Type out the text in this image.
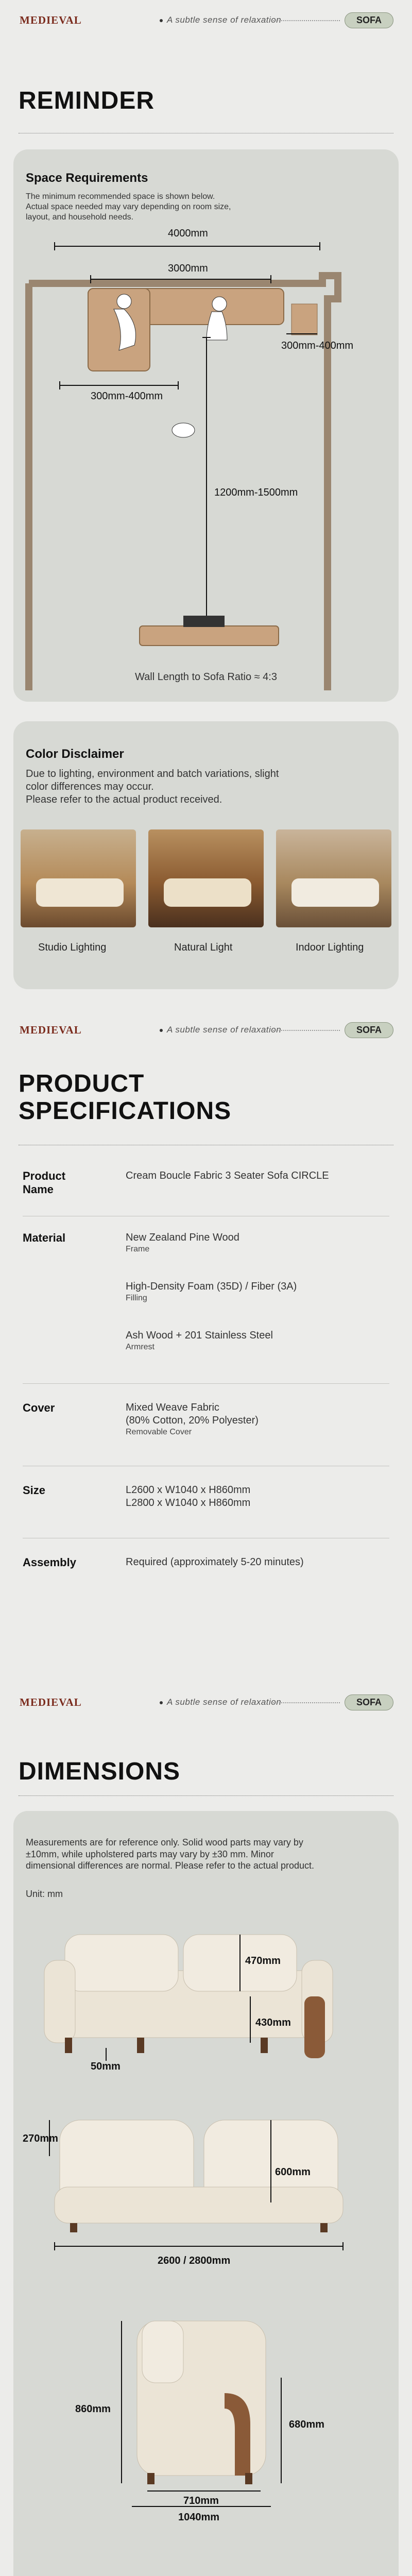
MEDIEVAL	A subtle sense of relaxation	SOFA
REMINDER
Space Requirements
The minimum recommended space is shown below.
Actual space needed may vary depending on room size, layout, and household needs.
4000mm
3000mm
300mm-400mm
300mm-400mm
1200mm-1500mm
Wall Length to Sofa Ratio ≈ 4:3
Color Disclaimer
Due to lighting, environment and batch variations, slight color differences may occur.
Please refer to the actual product received.
Studio Lighting	Natural Light	Indoor Lighting
MEDIEVAL	A subtle sense of relaxation	SOFA
PRODUCT
SPECIFICATIONS
Product Name
Cream Boucle Fabric 3 Seater Sofa CIRCLE
Material	New Zealand Pine Wood
Frame
High-Density Foam (35D) / Fiber (3A)
Filling
Ash Wood + 201 Stainless Steel
Armrest
Cover	Mixed Weave Fabric
(80% Cotton, 20% Polyester)
Removable Cover
Size	L2600 x W1040 x H860mm
L2800 x W1040 x H860mm
Assembly	Required (approximately 5-20 minutes)
MEDIEVAL	A subtle sense of relaxation	SOFA
DIMENSIONS
Measurements are for reference only. Solid wood parts may vary by ±10mm, while upholstered parts may vary by ±30 mm. Minor dimensional differences are normal. Please refer to the actual product.
Unit: mm
470mm
430mm
50mm
270mm
600mm
2600 / 2800mm
860mm
680mm
710mm
1040mm
